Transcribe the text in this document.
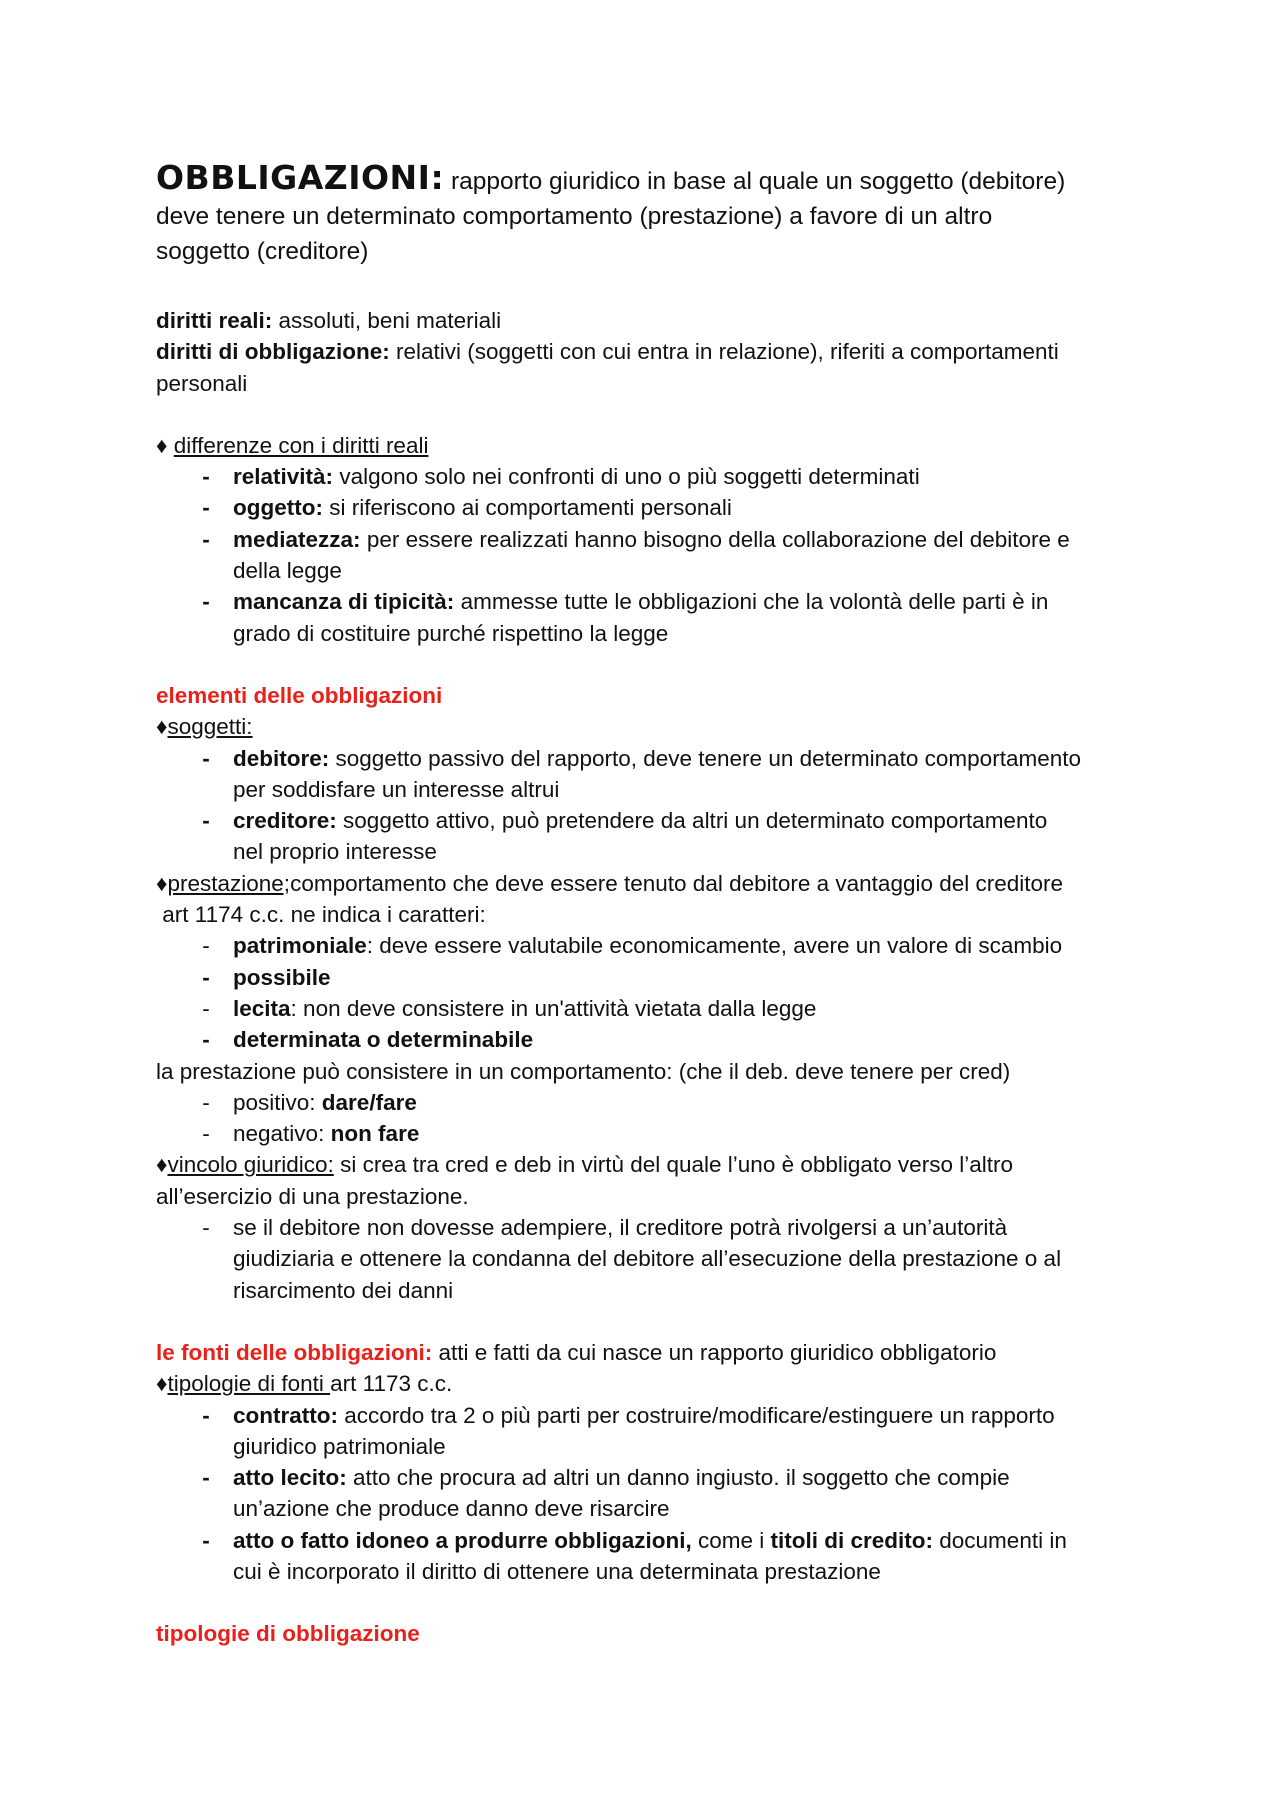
OBBLIGAZIONI: rapporto giuridico in base al quale un soggetto (debitore)
deve tenere un determinato comportamento (prestazione) a favore di un altro
soggetto (creditore)
diritti reali: assoluti, beni materiali
diritti di obbligazione: relativi (soggetti con cui entra in relazione), riferiti a comportamenti
personali
♦ differenze con i diritti reali
- relatività: valgono solo nei confronti di uno o più soggetti determinati
- oggetto: si riferiscono ai comportamenti personali
- mediatezza: per essere realizzati hanno bisogno della collaborazione del debitore e
della legge
- mancanza di tipicità: ammesse tutte le obbligazioni che la volontà delle parti è in
grado di costituire purché rispettino la legge
elementi delle obbligazioni
♦soggetti:
- debitore: soggetto passivo del rapporto, deve tenere un determinato comportamento
per soddisfare un interesse altrui
- creditore: soggetto attivo, può pretendere da altri un determinato comportamento
nel proprio interesse
♦prestazione;comportamento che deve essere tenuto dal debitore a vantaggio del creditore
art 1174 c.c. ne indica i caratteri:
- patrimoniale: deve essere valutabile economicamente, avere un valore di scambio
- possibile
- lecita: non deve consistere in un'attività vietata dalla legge
- determinata o determinabile
la prestazione può consistere in un comportamento: (che il deb. deve tenere per cred)
- positivo: dare/fare
- negativo: non fare
♦vincolo giuridico: si crea tra cred e deb in virtù del quale l’uno è obbligato verso l’altro
all’esercizio di una prestazione.
- se il debitore non dovesse adempiere, il creditore potrà rivolgersi a un’autorità
giudiziaria e ottenere la condanna del debitore all’esecuzione della prestazione o al
risarcimento dei danni
le fonti delle obbligazioni: atti e fatti da cui nasce un rapporto giuridico obbligatorio
♦tipologie di fonti art 1173 c.c.
- contratto: accordo tra 2 o più parti per costruire/modificare/estinguere un rapporto
giuridico patrimoniale
- atto lecito: atto che procura ad altri un danno ingiusto. il soggetto che compie
un’azione che produce danno deve risarcire
- atto o fatto idoneo a produrre obbligazioni, come i titoli di credito: documenti in
cui è incorporato il diritto di ottenere una determinata prestazione
tipologie di obbligazione
